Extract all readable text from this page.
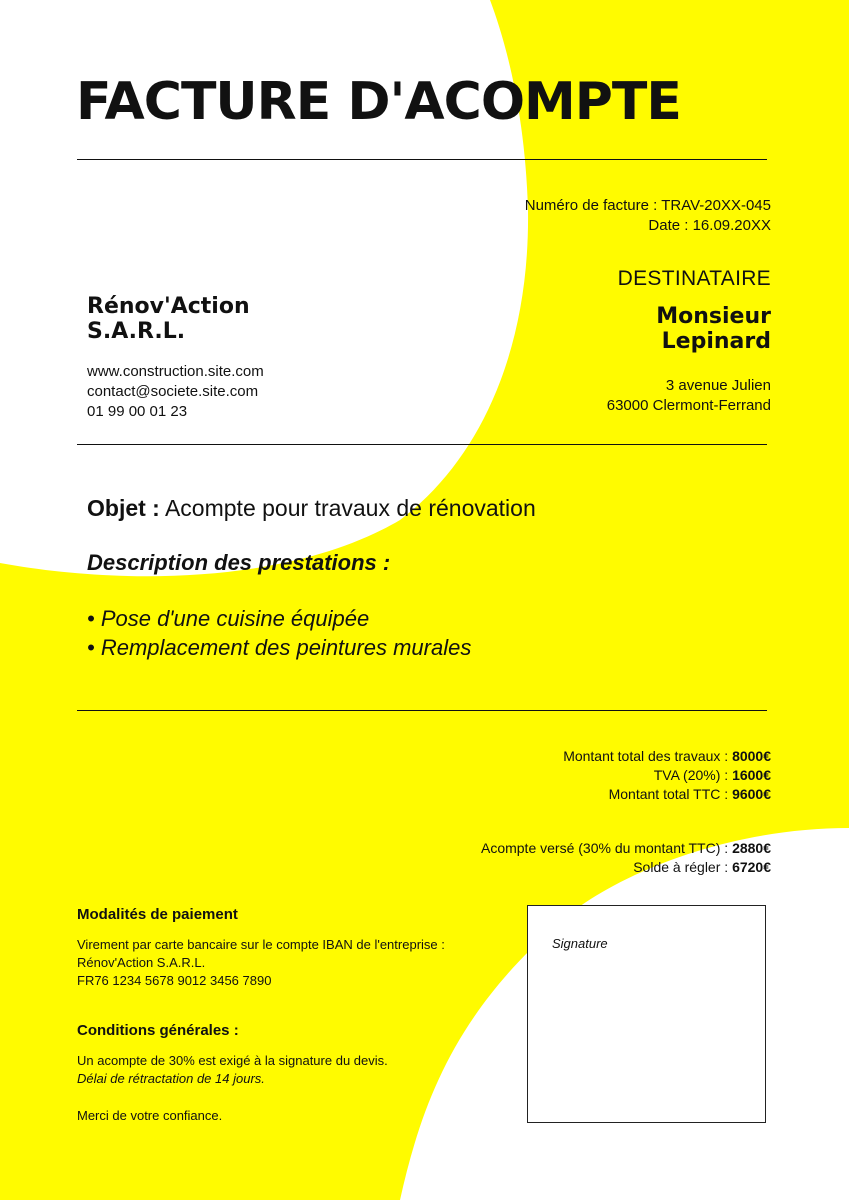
FACTURE D'ACOMPTE
Numéro de facture : TRAV-20XX-045
Date : 16.09.20XX
DESTINATAIRE
Monsieur
Lepinard
3 avenue Julien
63000 Clermont-Ferrand
Rénov'Action
S.A.R.L.
www.construction.site.com
contact@societe.site.com
01 99 00 01 23
Objet : Acompte pour travaux de rénovation
Description des prestations :
• Pose d'une cuisine équipée
• Remplacement des peintures murales
Montant total des travaux : 8000€
TVA (20%) : 1600€
Montant total TTC : 9600€
Acompte versé (30% du montant TTC) : 2880€
Solde à régler : 6720€
Modalités de paiement
Virement par carte bancaire sur le compte IBAN de l'entreprise :
Rénov'Action S.A.R.L.
FR76 1234 5678 9012 3456 7890
Conditions générales :
Un acompte de 30% est exigé à la signature du devis.
Délai de rétractation de 14 jours.
Merci de votre confiance.
Signature
